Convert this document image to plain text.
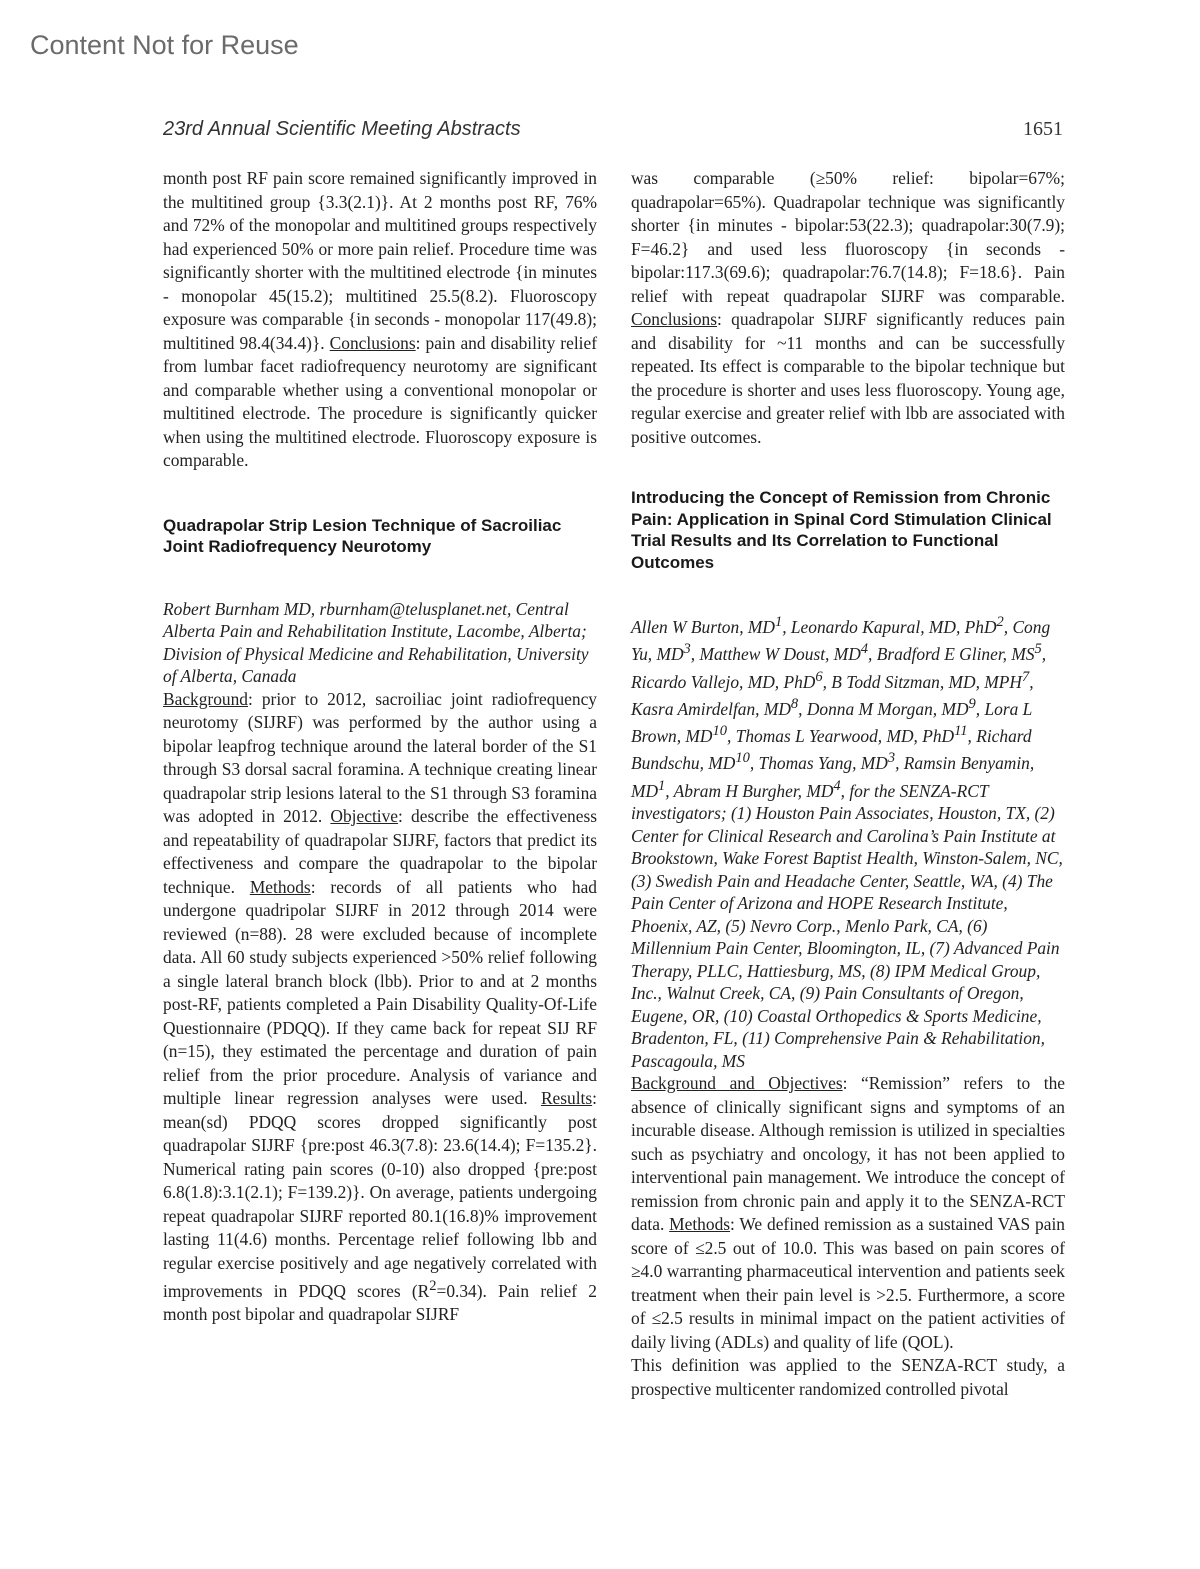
Content Not for Reuse
23rd Annual Scientific Meeting Abstracts	1651

month post RF pain score remained significantly improved in the multitined group {3.3(2.1)}. At 2 months post RF, 76% and 72% of the monopolar and multitined groups respectively had experienced 50% or more pain relief. Procedure time was significantly shorter with the multitined electrode {in minutes - monopolar 45(15.2); multitined 25.5(8.2). Fluoroscopy exposure was comparable {in seconds - monopolar 117(49.8); multitined 98.4(34.4)}. Conclusions: pain and disability relief from lumbar facet radiofrequency neurotomy are significant and comparable whether using a conventional monopolar or multitined electrode. The procedure is significantly quicker when using the multitined electrode. Fluoroscopy exposure is comparable.

Quadrapolar Strip Lesion Technique of Sacroiliac Joint Radiofrequency Neurotomy

Robert Burnham MD, rburnham@telusplanet.net, Central Alberta Pain and Rehabilitation Institute, Lacombe, Alberta; Division of Physical Medicine and Rehabilitation, University of Alberta, Canada

Background: prior to 2012, sacroiliac joint radiofrequency neurotomy (SIJRF) was performed by the author using a bipolar leapfrog technique around the lateral border of the S1 through S3 dorsal sacral foramina. A technique creating linear quadrapolar strip lesions lateral to the S1 through S3 foramina was adopted in 2012. Objective: describe the effectiveness and repeatability of quadrapolar SIJRF, factors that predict its effectiveness and compare the quadrapolar to the bipolar technique. Methods: records of all patients who had undergone quadripolar SIJRF in 2012 through 2014 were reviewed (n=88). 28 were excluded because of incomplete data. All 60 study subjects experienced >50% relief following a single lateral branch block (lbb). Prior to and at 2 months post-RF, patients completed a Pain Disability Quality-Of-Life Questionnaire (PDQQ). If they came back for repeat SIJ RF (n=15), they estimated the percentage and duration of pain relief from the prior procedure. Analysis of variance and multiple linear regression analyses were used. Results: mean(sd) PDQQ scores dropped significantly post quadrapolar SIJRF {pre:post 46.3(7.8): 23.6(14.4); F=135.2}. Numerical rating pain scores (0-10) also dropped {pre:post 6.8(1.8):3.1(2.1); F=139.2)}. On average, patients undergoing repeat quadrapolar SIJRF reported 80.1(16.8)% improvement lasting 11(4.6) months. Percentage relief following lbb and regular exercise positively and age negatively correlated with improvements in PDQQ scores $(R^2=0.34)$. Pain relief 2 month post bipolar and quadrapolar SIJRF

was comparable (≥50% relief: bipolar=67%; quadrapolar=65%). Quadrapolar technique was significantly shorter {in minutes - bipolar:53(22.3); quadrapolar:30(7.9); F=46.2} and used less fluoroscopy {in seconds - bipolar:117.3(69.6); quadrapolar:76.7(14.8); F=18.6}. Pain relief with repeat quadrapolar SIJRF was comparable. Conclusions: quadrapolar SIJRF significantly reduces pain and disability for ~11 months and can be successfully repeated. Its effect is comparable to the bipolar technique but the procedure is shorter and uses less fluoroscopy. Young age, regular exercise and greater relief with lbb are associated with positive outcomes.

Introducing the Concept of Remission from Chronic Pain: Application in Spinal Cord Stimulation Clinical Trial Results and Its Correlation to Functional Outcomes

Allen W Burton, $MD^1$, Leonardo Kapural, MD, PhD$^2$, Cong Yu, $MD^3$, Matthew W Doust, $MD^4$, Bradford E Gliner, $MS^5$, Ricardo Vallejo, MD, PhD$^6$, B Todd Sitzman, MD, MPH$^7$, Kasra Amirdelfan, $MD^8$, Donna M Morgan, $MD^9$, Lora L Brown, MD$^{10}$, Thomas L Yearwood, MD, PhD$^{11}$, Richard Bundschu, MD$^{10}$, Thomas Yang, $MD^3$, Ramsin Benyamin, $MD^1$, Abram H Burgher, $MD^4$, for the SENZA-RCT investigators; (1) Houston Pain Associates, Houston, TX, (2) Center for Clinical Research and Carolina’s Pain Institute at Brookstown, Wake Forest Baptist Health, Winston-Salem, NC, (3) Swedish Pain and Headache Center, Seattle, WA, (4) The Pain Center of Arizona and HOPE Research Institute, Phoenix, AZ, (5) Nevro Corp., Menlo Park, CA, (6) Millennium Pain Center, Bloomington, IL, (7) Advanced Pain Therapy, PLLC, Hattiesburg, MS, (8) IPM Medical Group, Inc., Walnut Creek, CA, (9) Pain Consultants of Oregon, Eugene, OR, (10) Coastal Orthopedics & Sports Medicine, Bradenton, FL, (11) Comprehensive Pain & Rehabilitation, Pascagoula, MS

Background and Objectives: “Remission” refers to the absence of clinically significant signs and symptoms of an incurable disease. Although remission is utilized in specialties such as psychiatry and oncology, it has not been applied to interventional pain management. We introduce the concept of remission from chronic pain and apply it to the SENZA-RCT data. Methods: We defined remission as a sustained VAS pain score of ≤2.5 out of 10.0. This was based on pain scores of ≥4.0 warranting pharmaceutical intervention and patients seek treatment when their pain level is >2.5. Furthermore, a score of ≤2.5 results in minimal impact on the patient activities of daily living (ADLs) and quality of life (QOL).

This definition was applied to the SENZA-RCT study, a prospective multicenter randomized controlled pivotal
